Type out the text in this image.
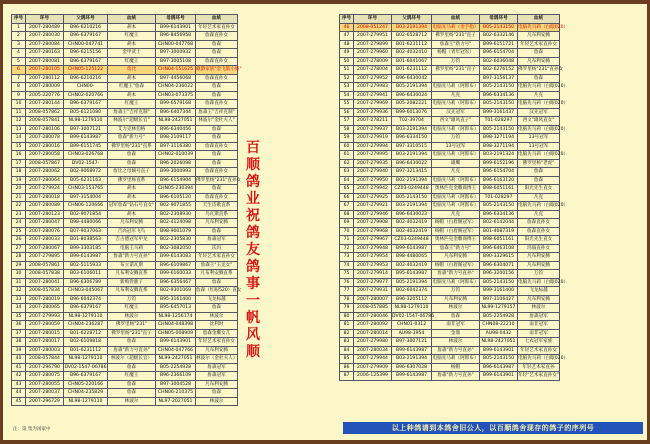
序号	环号	父鸽环号	血统	母鸽环号	血统
1	2007-280489	B96-6210216	胡本	B99-6143901	年轻艺术家直孙女
2	2007-280030	B96-6379167	红魔王	B96-8456958	詹森直孙女
3	2007-280084	CHN00-047741	胡本	CHN00-047768	詹森
4	2007-280163	B96-6215156	金甲武士	B97-3000932	詹森
5	2007-280081	B96-6379167	红魔王	B97-3005108	詹森直孙女
6	2007-280105	CHN05-125122	詹比	CHN04-151625	戴爵家族"金飞鹤小姐"
7	2007-280112	B96-6210216	胡本	B97-4456068	詹森直孙女
8	2007-280009	CHN00-	红魔王"詹森	CHN04-236022	詹森
9	2005-220776	CHN02-020766	胡本	CHN03-073375	詹森
10	2007-280144	B96-6379167	红魔王	B99-6579168	詹森直孙女
11	2008-057862	B05-6121080	詹森王"吉祥克制"	B96-6407344	詹森王"吉祥克制"
12	2008-057841	NL98-1279110	林波尔"超级长官"	NL98-2427051	林波尔"金杜夫人"
13	2007-280106	B97-3007121	艾力克林伯格	B96-6340456	詹森
14	2007-280078	B99-6143987	詹森"新力号"	B98-2109117	詹森
15	2007-280016	B99-6151745	佛罗里杨"231"直系	B97-3116380	詹森直孙女
16	2007-280058	CHN03-026768	詹森	CHN02-010039	詹森
17	2008-057867	DV02-1547-	詹森	B96-2026098	詹森
18	2007-280062	B02-9068972	詹比之母嫡号直子	B99-3000993	詹森直孙女
19	2007-280064	B05-6231163	佛罗里杨直系	B96-6154904	佛罗里杨"231"直孙女
20	2007-279924	CHN03-153765	胡本	CHN05-230394	詹森
21	2007-280018	B97-3154004	胡本	B96-6105120	詹森直孙女
22	2007-280089	CHN06-120666	冠军詹森"钻石号直女"	B02-9071855	天生诗歌直系
23	2007-280123	B02-9071854	胡本	B02-2308930	乌瓦斯直系
24	2007-280047	B98-4480066	凡布利安腾	B02-4124098	凡布利安腾
25	2007-280076	B07-9037063	吉高冠军飞鸟	B98-9001079	詹森
26	2007-280033	B01-8038563	吉古德冠军甲龙	B02-2305830	詹森冠军
27	2007-280067	B99-3303185	电脑王马莉	B02-3082050	沃玛
28	2007-279895	B99-6143987	詹森"新力号直孙"	B99-6143083	年轻艺术家直孙女
29	2008-057861	B02-5115933	布立诺瓦斯	B96-6109867	詹森王"玉龙女"
30	2008-057838	B03-6106011	凡布利安腾直系	B99-6160033	凡布利安腾直系
31	2007-280041	B96-6306789	新购骨鹿子	B96-6356467	詹森
32	2008-057834	CHN03-045067	凡布利安腾直系	B02-9301069	詹森（红眼520）直女
33	2007-280019	B96-6042374	万钧	B95-3161400	飞龙标越
34	2007-280065	B96-6379167	红魔王	B95-6457013	詹森
35	2007-279993	NL98-1279110	林波尔	NL98-1256174	林波尔
36	2007-280059	CHN04-236287	佛罗里杨"231"	CHN04-048398	比利时
37	2007-280015	B01-6228712	佛罗里杨"231"直子	CHN05-008909	詹森金鹰女儿
38	2007-280017	B02-6109818	詹森	B99-6143901	年轻艺术家直孙女
39	2007-280003	B01-6231112	詹森"新力号直孙"	CHN04-047766	凡布利安腾
40	2008-057844	NL98-1279110	林波尔（超级长官）	NL99-2427051	林波尔（金杜夫人）
41	2007-296790	DV02-1547-06786	詹森	B05-2254928	詹森冠军
42	2007-280075	B96-6379167	红魔王	B96-2366109	詹森冠军
43	2007-280055	CHN05-220166	詹森	B97-3004528	凡布利安腾
44	2007-280037	CHN04-235829	詹森	CHN06-210375	詹森
45	2007-296729	NL98-1279110	林波尔	NL97-2027051	林波尔
注：第 集为国家中
百顺鸽业祝鸽友鸽事一帆风顺
序号	环号	父鸽环号	血统	母鸽环号	血统
46	2008-051247	B03-2191394	电脑先马莉（金手指）	B05-2143150	电脑先马莉（白眼020）
47	2007-279951	B02-6528712	佛罗里杨"231"直子	B02-6332146	凡布利安腾
48	2007-279899	B01-6231112	詹森王"新力号"	B99-6151721	年轻艺术家直孙女
49	2007-279960	B02-4032410	杨帽（青年冠军）	B96-6154704	詹森
50	2007-278009	B01-6041067	万钧	B02-6036048	凡布利安腾
51	2007-278004	B01-6231112	佛罗里杨"231"直子	B02-6276152	佛罗里杨"231"直孙女
52	2007-279952	B96-6430042		B97-3156137	詹森
53	2007-279983	B05-2191394	电脑先马莉（阿郎布）	B05-2143150	电脑先马莉（白眼020）
54	2007-279941	B96-6430024	凡克	B96-6334136	凡克
55	2007-279969	B05-2082221	电脑先马莉（阿郎布）	B05-2143150	电脑先马莉（白眼020）
56	2007-279936	B99-6013076	汉先冠军	B99-3161437	汉先冠军
57	2007-278211	T02-39704	西文"雄风直子"	T01-028297	西文"雄风直女"
58	2007-279937	B03-2191394	电脑先马莉（阿郎布）	B05-2143150	电脑先马莉（白眼020）
59	2007-279919	B96-6334150	万钧	B98-3271194	13号冠军
60	2007-279994	B97-3310515	13号冠军	B98-3271194	13号冠军
61	2007-279995	B03-2191394	电脑先马莉（阿郎布）	B03-2191324	电脑先马莉（白眼020）
62	2007-279935	B96-6430022	雄鹰	B99-6152196	佛罗里杨"老虎"
63	2007-279940	B97-3213415	凡克	B96-6154704	詹森
64	2007-279950	B02-2191394	电脑先马莉（阿郎布）	B96-6163120	詹森
65	2007-279942	CZ03-0249448	奥林匹克金雕商博王	B98-6051161	阳光先生直女
66	2007-279925	B05-2143150	电脑先马莉（阿郎布）	T01-028297	凡克
67	2007-279921	B03-2191394	电脑先马莉（阿郎布）	B05-2143150	电脑先马莉（白眼020）
68	2007-279946	B96-6430023	凡克	B96-6334136	凡克
69	2007-279908	B02-4032419	杨帽（白眉阁冠军）	B02-6142044	詹森直孙女
70	2007-279968	B02-4032419	杨帽（白眉阁冠军）	B01-4087319	詹森直孙女
71	2007-279967	CZ03-0249448	奥林匹克金雕商博王	B98-6051161	阳光先生直女
72	2007-279948	B99-6143987	詹森王"新力号"	B96-6463108	玛瑙直孙女
73	2007-279954	B98-4480065	凡布利安腾	B90-3329615	凡布利安腾
74	2007-279953	B02-4032419	杨帽（白眉阁冠军）	B96-6304071	凡布利安腾
75	2007-279914	B95-6143987	詹森"新力号直孙"	B96-3200156	万钧
76	2007-279977	B05-2191394	电脑先马莉（阿郎布）	B05-2143150	电脑先马莉（白眼020）
77	2007-279931	B02-6042374	万钧	B99-3161400	飞龙标越
78	2007-280007	B96-3205112	凡布利安腾	B97-3106427	凡布利安腾
79	2008-057885	NL98-1279110	林波尔	NL99-1279157	林波尔
80	2007-280046	DV02-1547-06786	詹森	B05-2254928	詹森冠军
81	2007-280092	CHN01-0312	南非冠军	CHN08-22210	南非冠军
82	2007-280014	AU98-3954	金鼎	AU98-0432	南非冠军
83	2007-279980	B97-3007121	林波尔	NL98-2427051	七农冠军家族
84	2007-280034	B99-6143987	詹森"新力号直孙"	B99-6143901	年轻艺术家直孙女
85	2007-279944	B03-2191394	电脑先马莉（阿郎布）	B05-2143150	电脑先马莉（白眼020）
86	2007-279909	B96-6307028	杨帽	B96-6143987	年轻艺术家直孙
87	2006-125399	B99-6143987	詹森"新力号直孙"	B99-6143901	年轻"艺术家直孙女"
以上种鸽请到本鸽舍旧公人，以百顺鸽舍现存的鸽子的序列号
